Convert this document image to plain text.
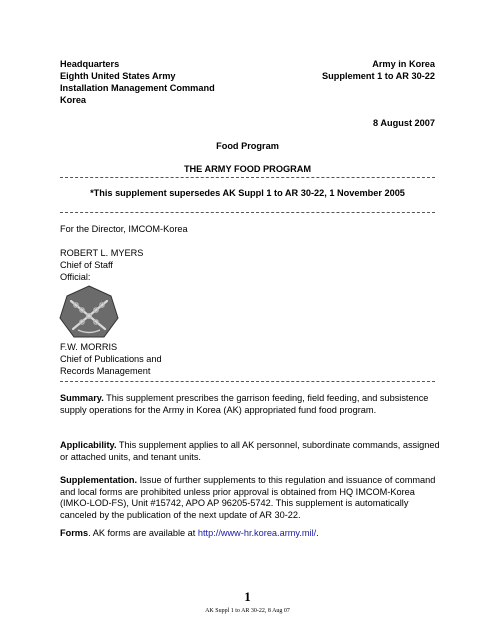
Headquarters
Eighth United States Army
Installation Management Command
Korea
Army in Korea
Supplement 1 to AR 30-22
8 August 2007
Food Program
THE ARMY FOOD PROGRAM
*This supplement supersedes AK Suppl 1 to AR 30-22, 1 November 2005
For the Director, IMCOM-Korea
ROBERT L. MYERS
Chief of Staff
Official:
F.W. MORRIS
Chief of Publications and
Records Management
Summary. This supplement prescribes the garrison feeding, field feeding, and subsistence supply operations for the Army in Korea (AK) appropriated fund food program.
Applicability. This supplement applies to all AK personnel, subordinate commands, assigned or attached units, and tenant units.
Supplementation. Issue of further supplements to this regulation and issuance of command and local forms are prohibited unless prior approval is obtained from HQ IMCOM-Korea (IMKO-LOD-FS), Unit #15742, APO AP 96205-5742. This supplement is automatically canceled by the publication of the next update of AR 30-22.
Forms. AK forms are available at http://www-hr.korea.army.mil/.
1
AK Suppl 1 to AR 30-22, 8 Aug 07
